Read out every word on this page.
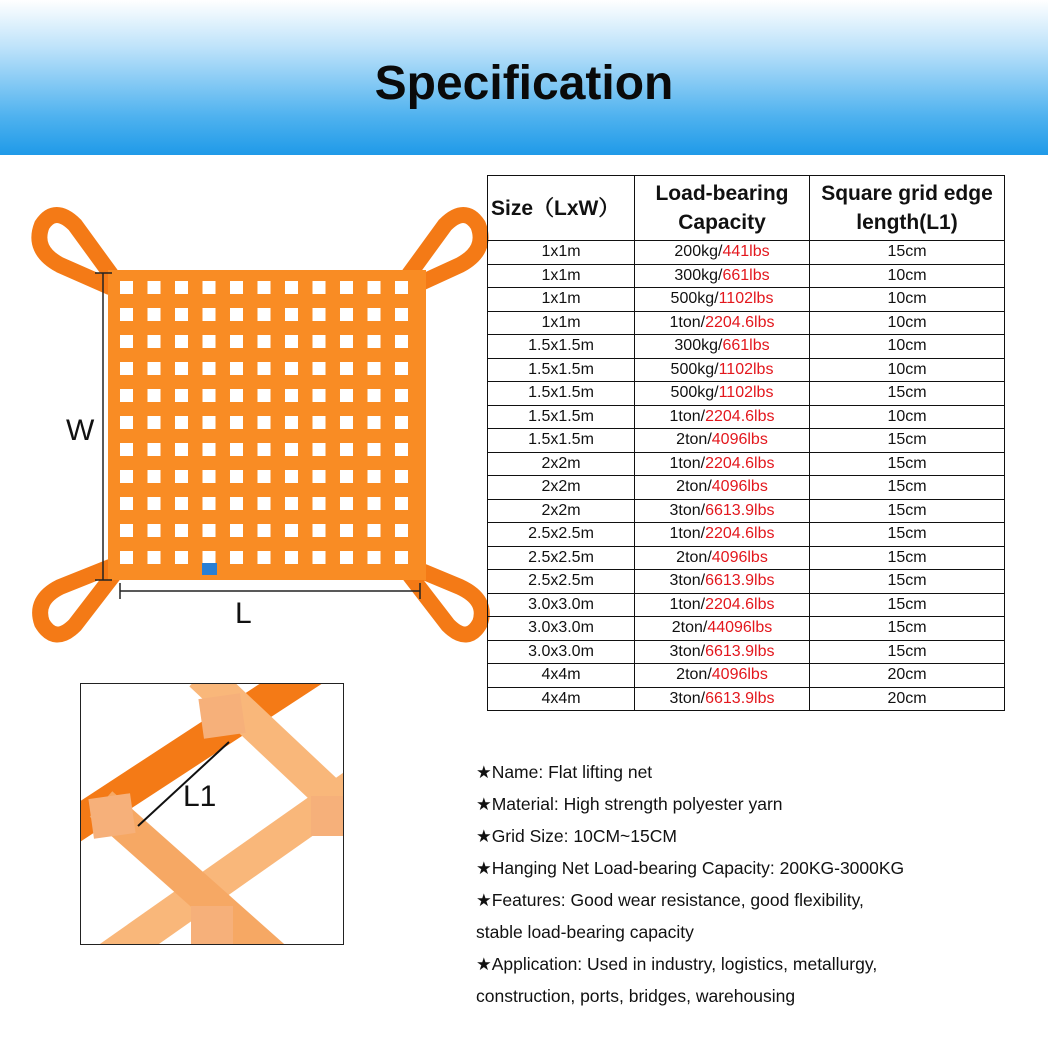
Specification
W
L
L1
Size（LxW）	Load-bearing Capacity	Square grid edge length(L1)
1x1m	200kg/441lbs	15cm
1x1m	300kg/661lbs	10cm
1x1m	500kg/1102lbs	10cm
1x1m	1ton/2204.6lbs	10cm
1.5x1.5m	300kg/661lbs	10cm
1.5x1.5m	500kg/1102lbs	10cm
1.5x1.5m	500kg/1102lbs	15cm
1.5x1.5m	1ton/2204.6lbs	10cm
1.5x1.5m	2ton/4096lbs	15cm
2x2m	1ton/2204.6lbs	15cm
2x2m	2ton/4096lbs	15cm
2x2m	3ton/6613.9lbs	15cm
2.5x2.5m	1ton/2204.6lbs	15cm
2.5x2.5m	2ton/4096lbs	15cm
2.5x2.5m	3ton/6613.9lbs	15cm
3.0x3.0m	1ton/2204.6lbs	15cm
3.0x3.0m	2ton/44096lbs	15cm
3.0x3.0m	3ton/6613.9lbs	15cm
4x4m	2ton/4096lbs	20cm
4x4m	3ton/6613.9lbs	20cm
★Name: Flat lifting net
★Material: High strength polyester yarn
★Grid Size: 10CM~15CM
★Hanging Net Load-bearing Capacity: 200KG-3000KG
★Features: Good wear resistance, good flexibility,
stable load-bearing capacity
★Application: Used in industry, logistics, metallurgy,
construction, ports, bridges, warehousing
